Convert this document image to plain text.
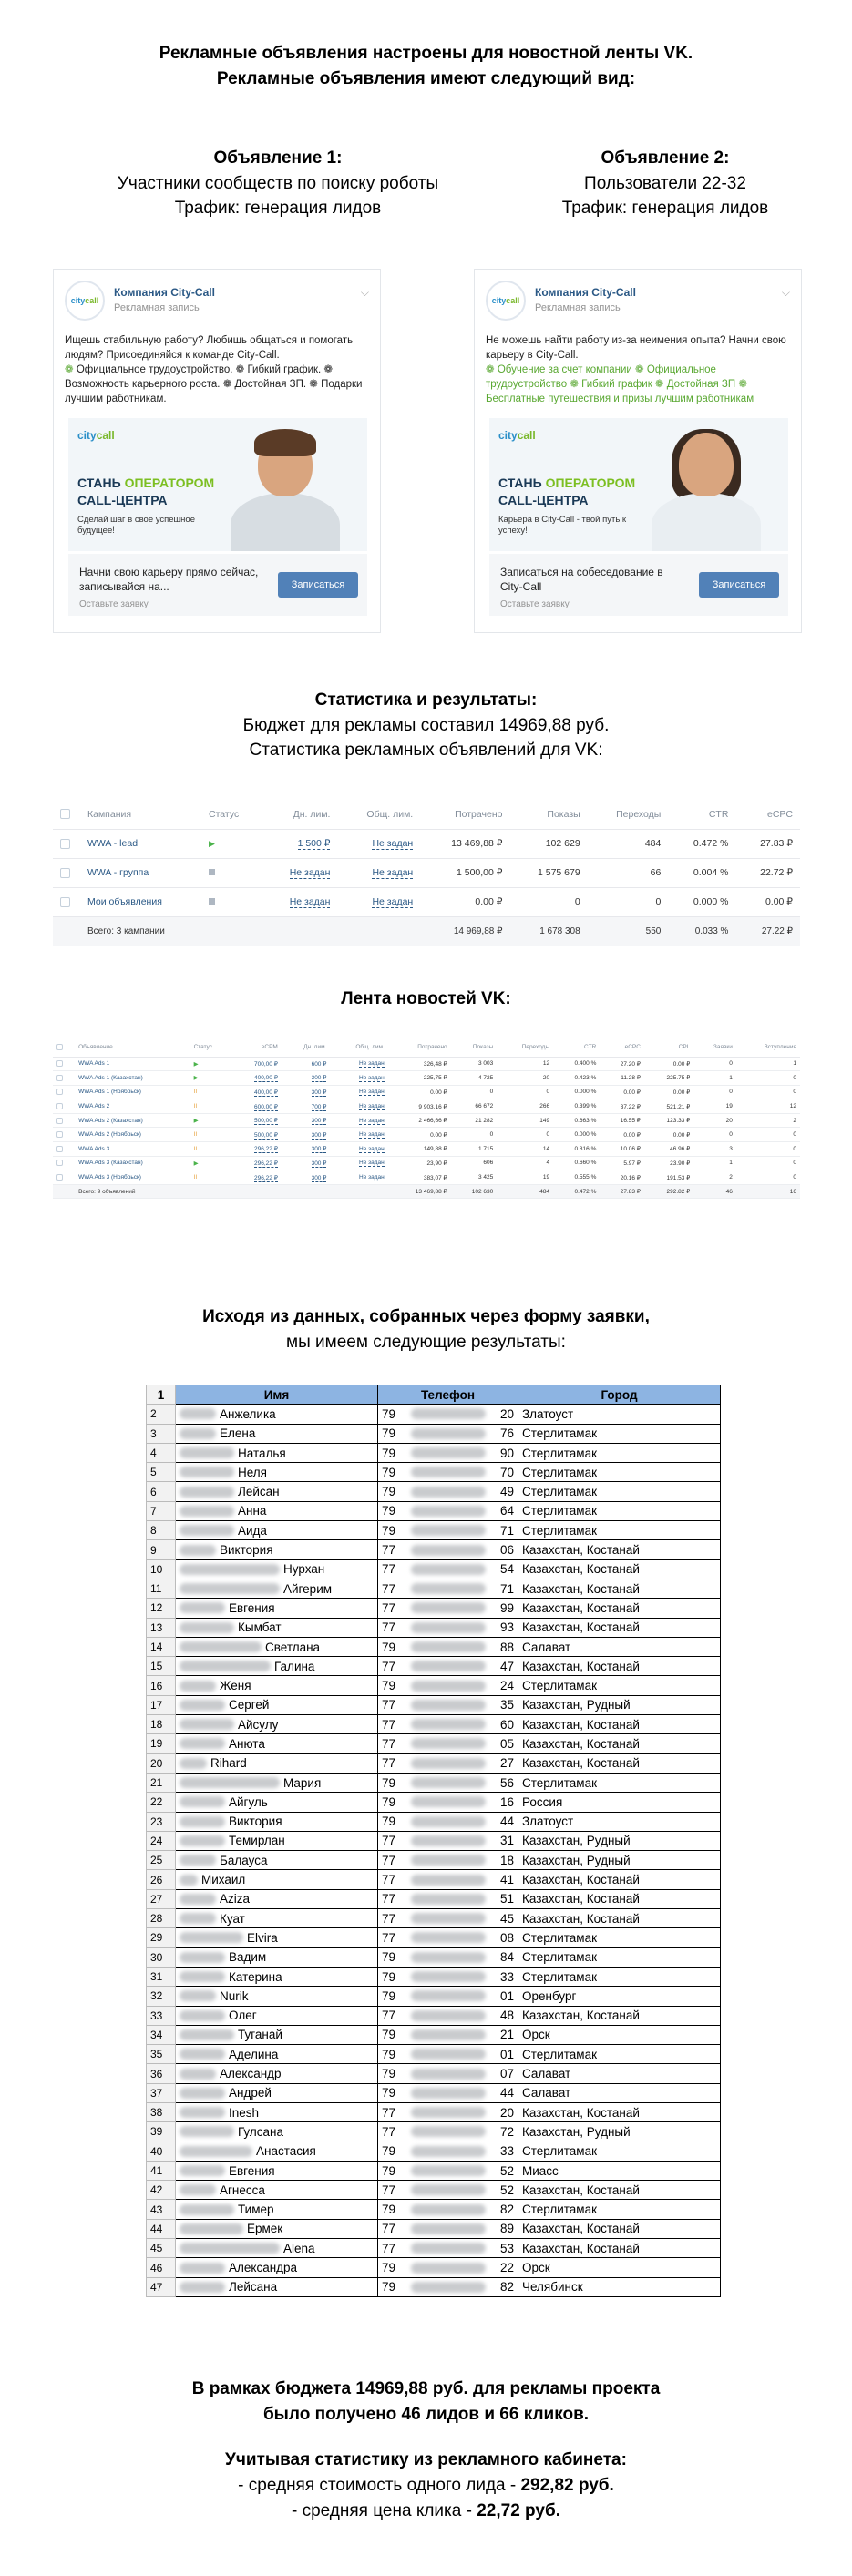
Рекламные объявления настроены для новостной ленты VK.

Рекламные объявления имеют следующий вид:

Объявление 1:

Участники сообществ по поиску роботы

Трафик: генерация лидов

Объявление 2:

Пользователи 22-32

Трафик: генерация лидов

citycall
Компания City-Call
Рекламная запись
⌵
Ищешь стабильную работу? Любишь общаться и помогать людям? Присоединяйся к команде City-Call.
❁ Официальное трудоустройство. ❁ Гибкий график. ❁ Возможность карьерного роста. ❁ Достойная ЗП. ❁ Подарки лучшим работникам.
citycall
СТАНЬ ОПЕРАТОРОМ
CALL-ЦЕНТРА
Сделай шаг в свое успешное будущее!
Начни свою карьеру прямо сейчас, записывайся на...
Оставьте заявку
Записаться
citycall
Компания City-Call
Рекламная запись
⌵
Не можешь найти работу из-за неимения опыта? Начни свою карьеру в City-Call.
❁ Обучение за счет компании ❁ Официальное трудоустройство ❁ Гибкий график ❁ Достойная ЗП ❁ Бесплатные путешествия и призы лучшим работникам
citycall
СТАНЬ ОПЕРАТОРОМ
CALL-ЦЕНТРА
Карьера в City-Call - твой путь к успеху!
Записаться на собеседование в City-Call
Оставьте заявку
Записаться

Статистика и результаты:

Бюджет для рекламы составил 14969,88 руб.

Статистика рекламных объявлений для VK:

	Кампания	Статус	Дн. лим.	Общ. лим.	Потрачено	Показы	Переходы	CTR	eCPC
	WWA - lead	▶	1 500 ₽	Не задан	13 469,88 ₽	102 629	484	0.472 %	27.83 ₽
	WWA - группа		Не задан	Не задан	1 500,00 ₽	1 575 679	66	0.004 %	22.72 ₽
	Мои объявления		Не задан	Не задан	0.00 ₽	0	0	0.000 %	0.00 ₽
	Всего: 3 кампании				14 969,88 ₽	1 678 308	550	0.033 %	27.22 ₽

Лента новостей VK:

	Объявление	Статус	еCPM	Дн. лим.	Общ. лим.	Потрачено	Показы	Переходы	CTR	eCPC	CPL	Заявки	Вступления
	WWA Ads 1	▶	700,00 ₽	600 ₽	Не задан	326,48 ₽	3 003	12	0.400 %	27.20 ₽	0.00 ₽	0	1
	WWA Ads 1 (Казахстан)	▶	400,00 ₽	300 ₽	Не задан	225,75 ₽	4 725	20	0.423 %	11.28 ₽	225.75 ₽	1	0
	WWA Ads 1 (Ноябрьск)	II	400,00 ₽	300 ₽	Не задан	0.00 ₽	0	0	0.000 %	0.00 ₽	0.00 ₽	0	0
	WWA Ads 2	II	600,00 ₽	700 ₽	Не задан	9 903,16 ₽	66 672	266	0.399 %	37.22 ₽	521.21 ₽	19	12
	WWA Ads 2 (Казахстан)	▶	500,00 ₽	300 ₽	Не задан	2 466,66 ₽	21 282	149	0.663 %	16.55 ₽	123.33 ₽	20	2
	WWA Ads 2 (Ноябрьск)	II	500,00 ₽	300 ₽	Не задан	0.00 ₽	0	0	0.000 %	0.00 ₽	0.00 ₽	0	0
	WWA Ads 3	II	296,22 ₽	300 ₽	Не задан	149,88 ₽	1 715	14	0.816 %	10.06 ₽	46.96 ₽	3	0
	WWA Ads 3 (Казахстан)	▶	296,22 ₽	300 ₽	Не задан	23,90 ₽	606	4	0.660 %	5.97 ₽	23.90 ₽	1	0
	WWA Ads 3 (Ноябрьск)	II	296,22 ₽	300 ₽	Не задан	383,07 ₽	3 425	19	0.555 %	20.16 ₽	191.53 ₽	2	0
	Всего: 9 объявлений					13 469,88 ₽	102 630	484	0.472 %	27.83 ₽	292.82 ₽	46	16

Исходя из данных, собранных через форму заявки,

мы имеем следующие результаты:

1	Имя	Телефон	Город
2	Анжелика	79 20	Златоуст
3	Елена	79 76	Стерлитамак
4	Наталья	79 90	Стерлитамак
5	Неля	79 70	Стерлитамак
6	Лейсан	79 49	Стерлитамак
7	Анна	79 64	Стерлитамак
8	Аида	79 71	Стерлитамак
9	Виктория	77 06	Казахстан, Костанай
10	Нурхан	77 54	Казахстан, Костанай
11	Айгерим	77 71	Казахстан, Костанай
12	Евгения	77 99	Казахстан, Костанай
13	Кымбат	77 93	Казахстан, Костанай
14	Светлана	79 88	Салават
15	Галина	77 47	Казахстан, Костанай
16	Женя	79 24	Стерлитамак
17	Сергей	77 35	Казахстан, Рудный
18	Айсулу	77 60	Казахстан, Костанай
19	Анюта	77 05	Казахстан, Костанай
20	Rihard	77 27	Казахстан, Костанай
21	Мария	79 56	Стерлитамак
22	Айгуль	79 16	Россия
23	Виктория	79 44	Златоуст
24	Темирлан	77 31	Казахстан, Рудный
25	Балауса	77 18	Казахстан, Рудный
26	Михаил	77 41	Казахстан, Костанай
27	Aziza	77 51	Казахстан, Костанай
28	Куат	77 45	Казахстан, Костанай
29	Elvira	77 08	Стерлитамак
30	Вадим	79 84	Стерлитамак
31	Катерина	79 33	Стерлитамак
32	Nurik	79 01	Оренбург
33	Олег	77 48	Казахстан, Костанай
34	Туганай	79 21	Орск
35	Аделина	79 01	Стерлитамак
36	Александр	79 07	Салават
37	Андрей	79 44	Салават
38	Inesh	77 20	Казахстан, Костанай
39	Гулсана	77 72	Казахстан, Рудный
40	Анастасия	79 33	Стерлитамак
41	Евгения	79 52	Миасс
42	Агнесса	77 52	Казахстан, Костанай
43	Тимер	79 82	Стерлитамак
44	Ермек	77 89	Казахстан, Костанай
45	Alena	77 53	Казахстан, Костанай
46	Александра	79 22	Орск
47	Лейсана	79 82	Челябинск

В рамках бюджета 14969,88 руб. для рекламы проекта

было получено 46 лидов и 66 кликов.

Учитывая статистику из рекламного кабинета:

- средняя стоимость одного лида - 292,82 руб.

- средняя цена клика - 22,72 руб.
